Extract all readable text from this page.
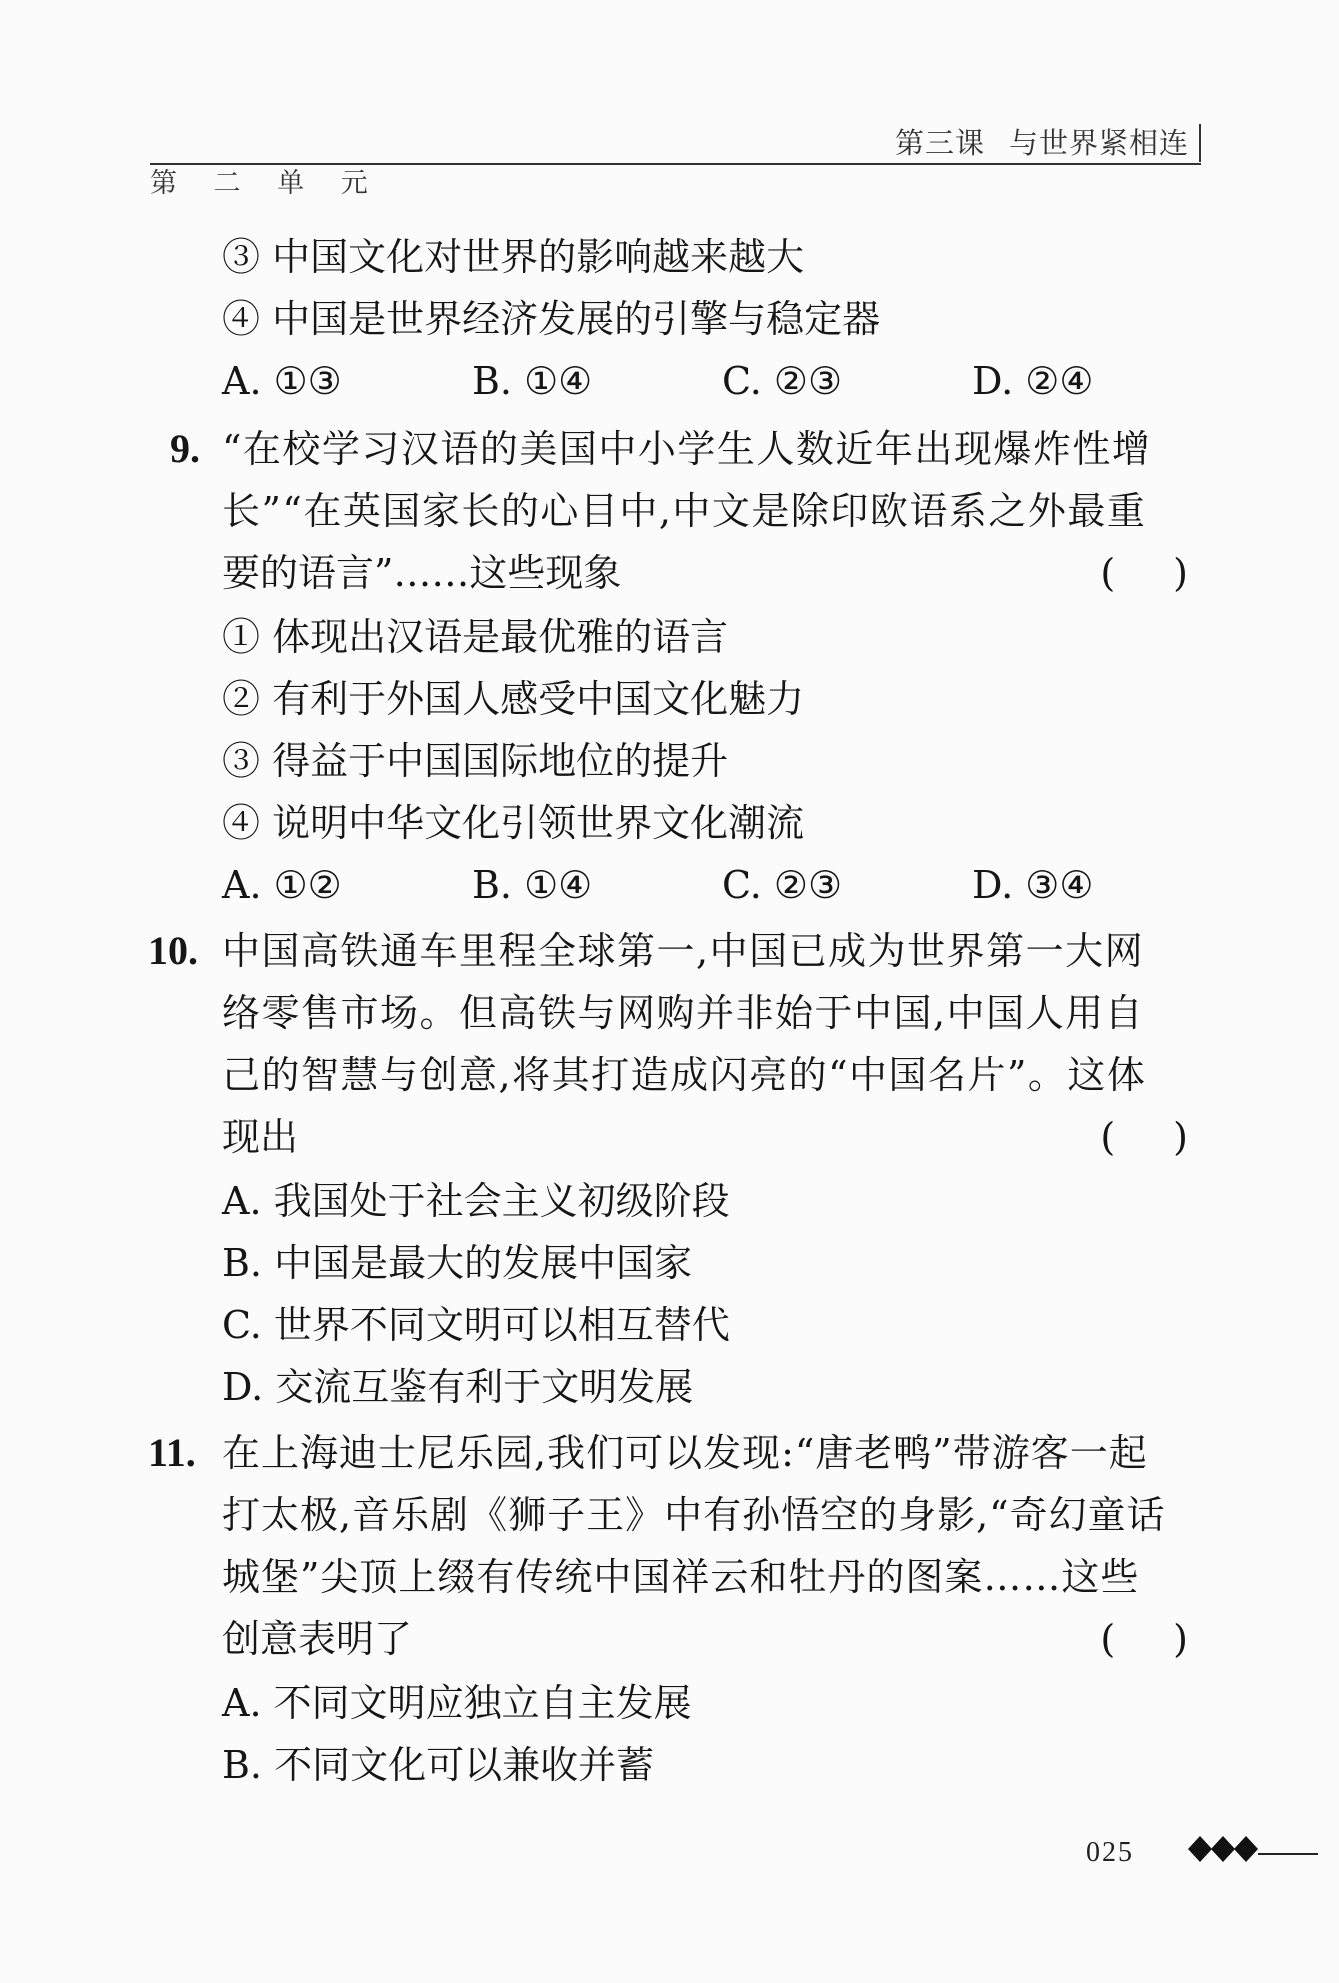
第三课 与世界紧相连
第 二 单 元
③ 中国文化对世界的影响越来越大
④ 中国是世界经济发展的引擎与稳定器
A. ①③	B. ①④	C. ②③	D. ②④
9. “在校学习汉语的美国中小学生人数近年出现爆炸性增
长”“在英国家长的心目中,中文是除印欧语系之外最重
要的语言”……这些现象	( )
① 体现出汉语是最优雅的语言
② 有利于外国人感受中国文化魅力
③ 得益于中国国际地位的提升
④ 说明中华文化引领世界文化潮流
A. ①②	B. ①④	C. ②③	D. ③④
10. 中国高铁通车里程全球第一,中国已成为世界第一大网
络零售市场。但高铁与网购并非始于中国,中国人用自
己的智慧与创意,将其打造成闪亮的“中国名片”。这体
现出	( )
A. 我国处于社会主义初级阶段
B. 中国是最大的发展中国家
C. 世界不同文明可以相互替代
D. 交流互鉴有利于文明发展
11. 在上海迪士尼乐园,我们可以发现:“唐老鸭”带游客一起
打太极,音乐剧《狮子王》中有孙悟空的身影,“奇幻童话
城堡”尖顶上缀有传统中国祥云和牡丹的图案……这些
创意表明了	( )
A. 不同文明应独立自主发展
B. 不同文化可以兼收并蓄
025
